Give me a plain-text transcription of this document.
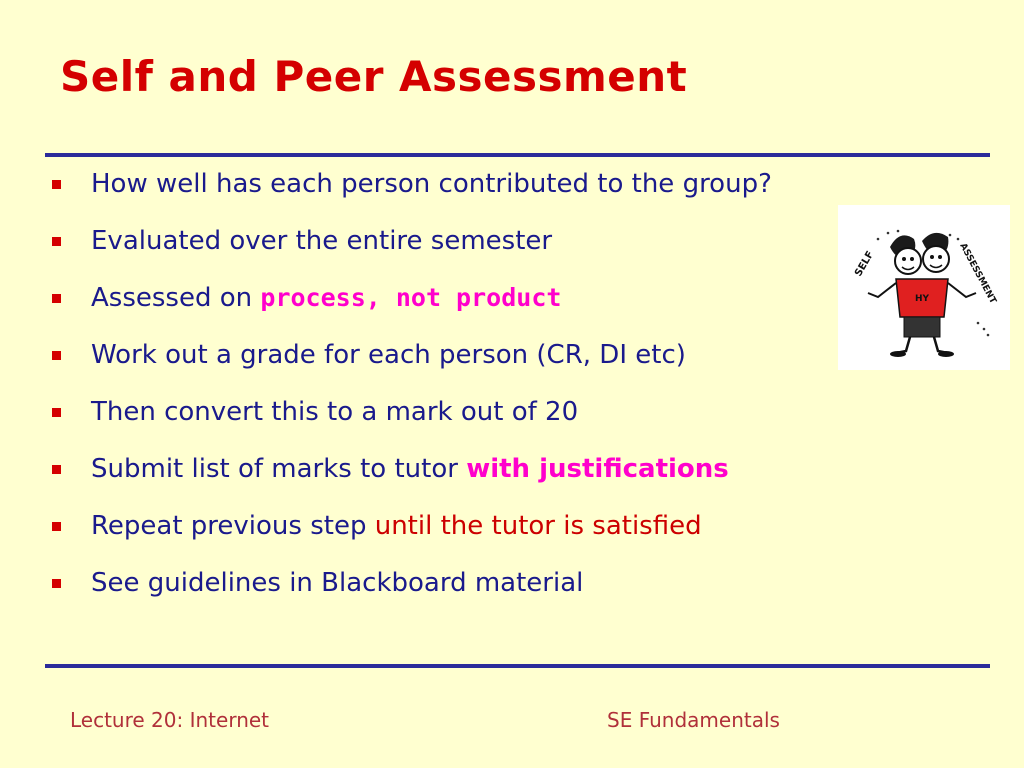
Self and Peer Assessment
How well has each person contributed to the group?
Evaluated over the entire semester
Assessed on process, not product
Work out a grade for each person (CR, DI etc)
Then convert this to a mark out of 20
Submit list of marks to tutor with justifications
Repeat previous step until the tutor is satisfied
See guidelines in Blackboard material
SELF	ASSESSMENT
HY
Lecture 20: Internet	SE Fundamentals
